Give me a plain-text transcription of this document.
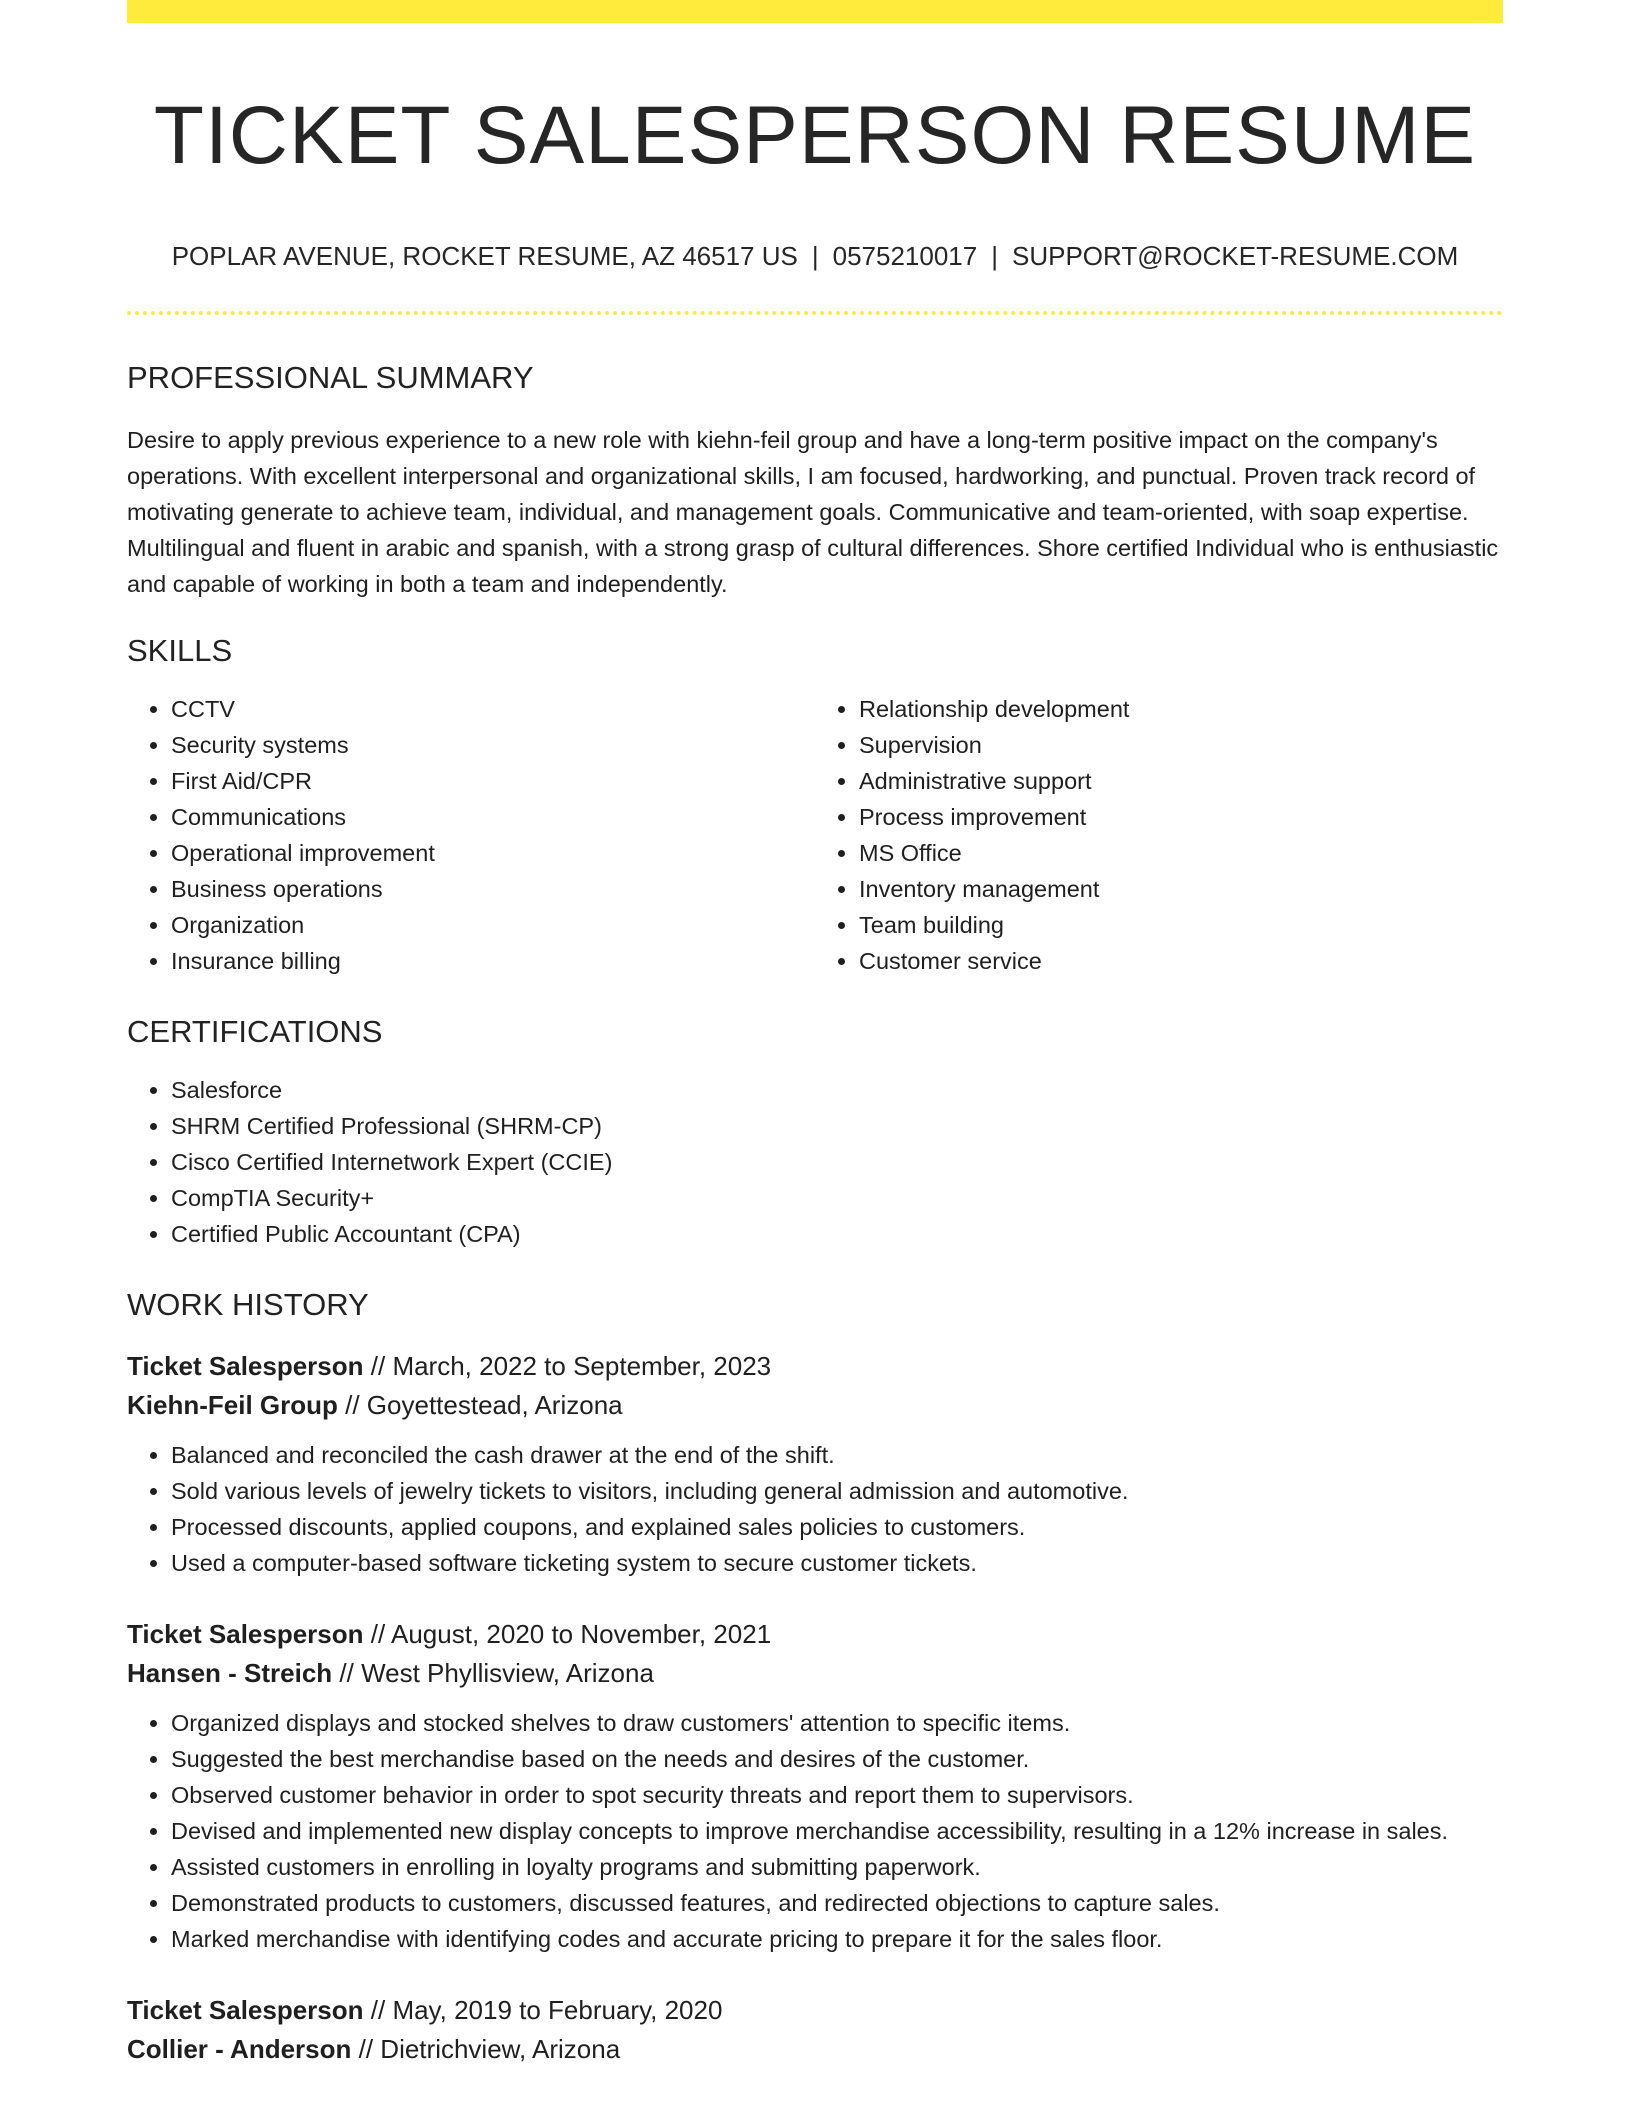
TICKET SALESPERSON RESUME
POPLAR AVENUE, ROCKET RESUME, AZ 46517 US | 0575210017 | SUPPORT@ROCKET-RESUME.COM
PROFESSIONAL SUMMARY

Desire to apply previous experience to a new role with kiehn-feil group and have a long-term positive impact on the company's operations. With excellent interpersonal and organizational skills, I am focused, hardworking, and punctual. Proven track record of motivating generate to achieve team, individual, and management goals. Communicative and team-oriented, with soap expertise. Multilingual and fluent in arabic and spanish, with a strong grasp of cultural differences. Shore certified Individual who is enthusiastic and capable of working in both a team and independently.

SKILLS
• CCTV
• Security systems
• First Aid/CPR
• Communications
• Operational improvement
• Business operations
• Organization
• Insurance billing
• Relationship development
• Supervision
• Administrative support
• Process improvement
• MS Office
• Inventory management
• Team building
• Customer service
CERTIFICATIONS
• Salesforce
• SHRM Certified Professional (SHRM-CP)
• Cisco Certified Internetwork Expert (CCIE)
• CompTIA Security+
• Certified Public Accountant (CPA)
WORK HISTORY
Ticket Salesperson // March, 2022 to September, 2023
Kiehn-Feil Group // Goyettestead, Arizona
• Balanced and reconciled the cash drawer at the end of the shift.
• Sold various levels of jewelry tickets to visitors, including general admission and automotive.
• Processed discounts, applied coupons, and explained sales policies to customers.
• Used a computer-based software ticketing system to secure customer tickets.
Ticket Salesperson // August, 2020 to November, 2021
Hansen - Streich // West Phyllisview, Arizona
• Organized displays and stocked shelves to draw customers' attention to specific items.
• Suggested the best merchandise based on the needs and desires of the customer.
• Observed customer behavior in order to spot security threats and report them to supervisors.
• Devised and implemented new display concepts to improve merchandise accessibility, resulting in a 12% increase in sales.
• Assisted customers in enrolling in loyalty programs and submitting paperwork.
• Demonstrated products to customers, discussed features, and redirected objections to capture sales.
• Marked merchandise with identifying codes and accurate pricing to prepare it for the sales floor.
Ticket Salesperson // May, 2019 to February, 2020
Collier - Anderson // Dietrichview, Arizona
